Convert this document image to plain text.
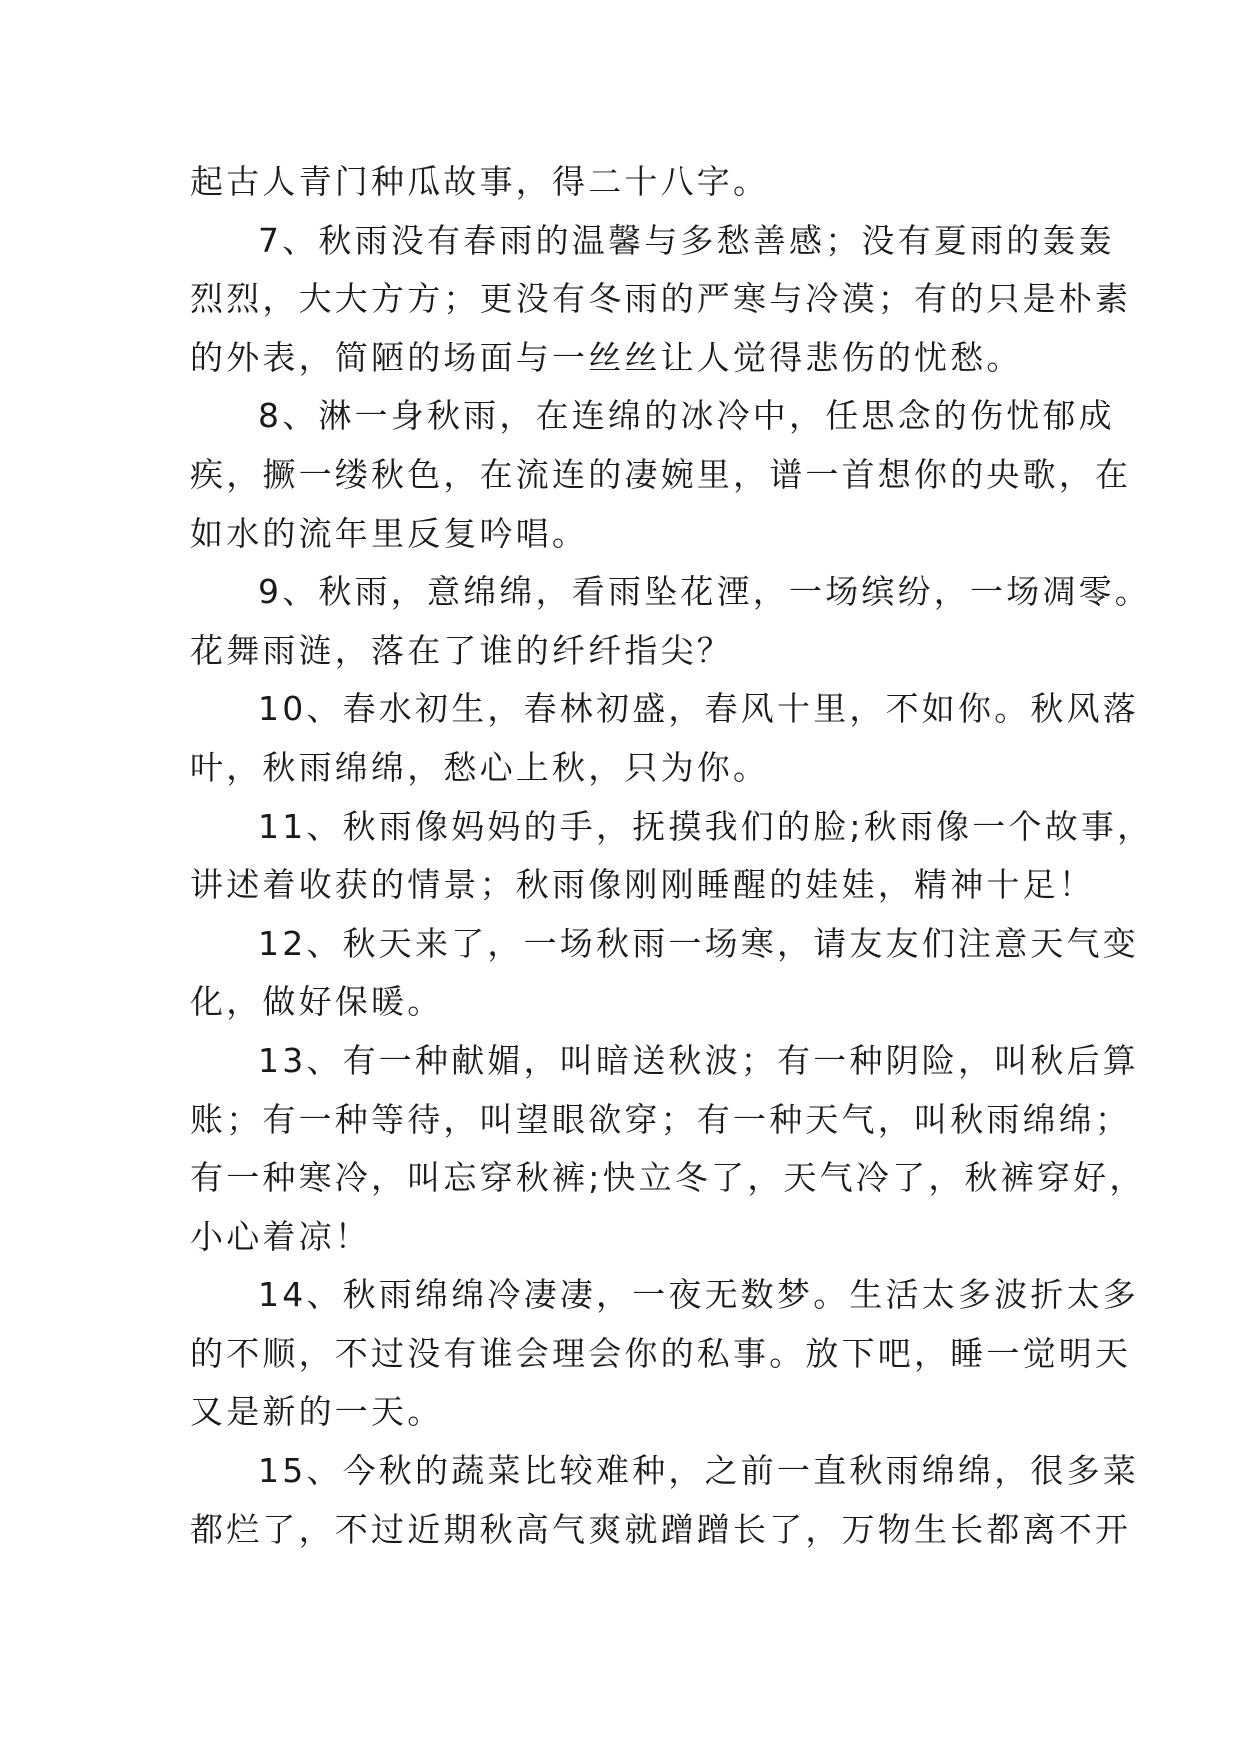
起古人青门种瓜故事，得二十八字。
7、秋雨没有春雨的温馨与多愁善感；没有夏雨的轰轰
烈烈，大大方方；更没有冬雨的严寒与冷漠；有的只是朴素
的外表，简陋的场面与一丝丝让人觉得悲伤的忧愁。
8、淋一身秋雨，在连绵的冰冷中，任思念的伤忧郁成
疾，撅一缕秋色，在流连的凄婉里，谱一首想你的央歌，在
如水的流年里反复吟唱。
9、秋雨，意绵绵，看雨坠花湮，一场缤纷，一场凋零。
花舞雨涟，落在了谁的纤纤指尖？
10、春水初生，春林初盛，春风十里，不如你。秋风落
叶，秋雨绵绵，愁心上秋，只为你。
11、秋雨像妈妈的手，抚摸我们的脸;秋雨像一个故事，
讲述着收获的情景；秋雨像刚刚睡醒的娃娃，精神十足！
12、秋天来了，一场秋雨一场寒，请友友们注意天气变
化，做好保暖。
13、有一种献媚，叫暗送秋波；有一种阴险，叫秋后算
账；有一种等待，叫望眼欲穿；有一种天气，叫秋雨绵绵；
有一种寒冷，叫忘穿秋裤;快立冬了，天气冷了，秋裤穿好，
小心着凉！
14、秋雨绵绵冷凄凄，一夜无数梦。生活太多波折太多
的不顺，不过没有谁会理会你的私事。放下吧，睡一觉明天
又是新的一天。
15、今秋的蔬菜比较难种，之前一直秋雨绵绵，很多菜
都烂了，不过近期秋高气爽就蹭蹭长了，万物生长都离不开
